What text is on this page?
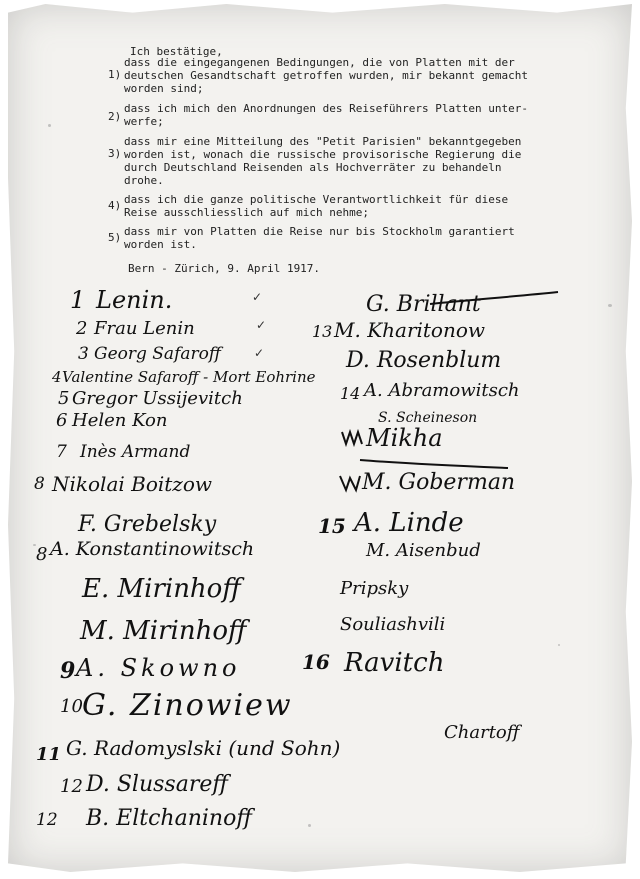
Ich bestätige,
1)
dass die eingegangenen Bedingungen, die von Platten mit der
deutschen Gesandtschaft getroffen wurden, mir bekannt gemacht
worden sind;
2)
dass ich mich den Anordnungen des Reiseführers Platten unter-
werfe;
3)
dass mir eine Mitteilung des "Petit Parisien" bekanntgegeben
worden ist, wonach die russische provisorische Regierung die
durch Deutschland Reisenden als Hochverräter zu behandeln
drohe.
4) dass ich die ganze politische Verantwortlichkeit für diese
Reise ausschliesslich auf mich nehme;
5) dass mir von Platten die Reise nur bis Stockholm garantiert
worden ist.
Bern - Zürich, 9. April 1917.
1 Lenin.	✓
2 Frau Lenin	✓
3 Georg Safaroff	✓
4 Valentine Safaroff - Mort Eohrine
5 Gregor Ussijevitch
6 Helen Kon
7 Inès Armand
8 Nikolai Boitzow
F. Grebelsky
8 A. Konstantinowitsch
E. Mirinhoff
M. Mirinhoff
9 A. Skowno
10 G. Zinowiew
11 G. Radomyslski (und Sohn)
12 D. Slussareff
12 B. Eltchaninoff
G. Brillant
13 M. Kharitonow
D. Rosenblum
14 A. Abramowitsch
S. Scheineson
Mikha
M. Goberman
15 A. Linde
M. Aisenbud
Pripsky
Souliashvili
16 Ravitch
Chartoff
